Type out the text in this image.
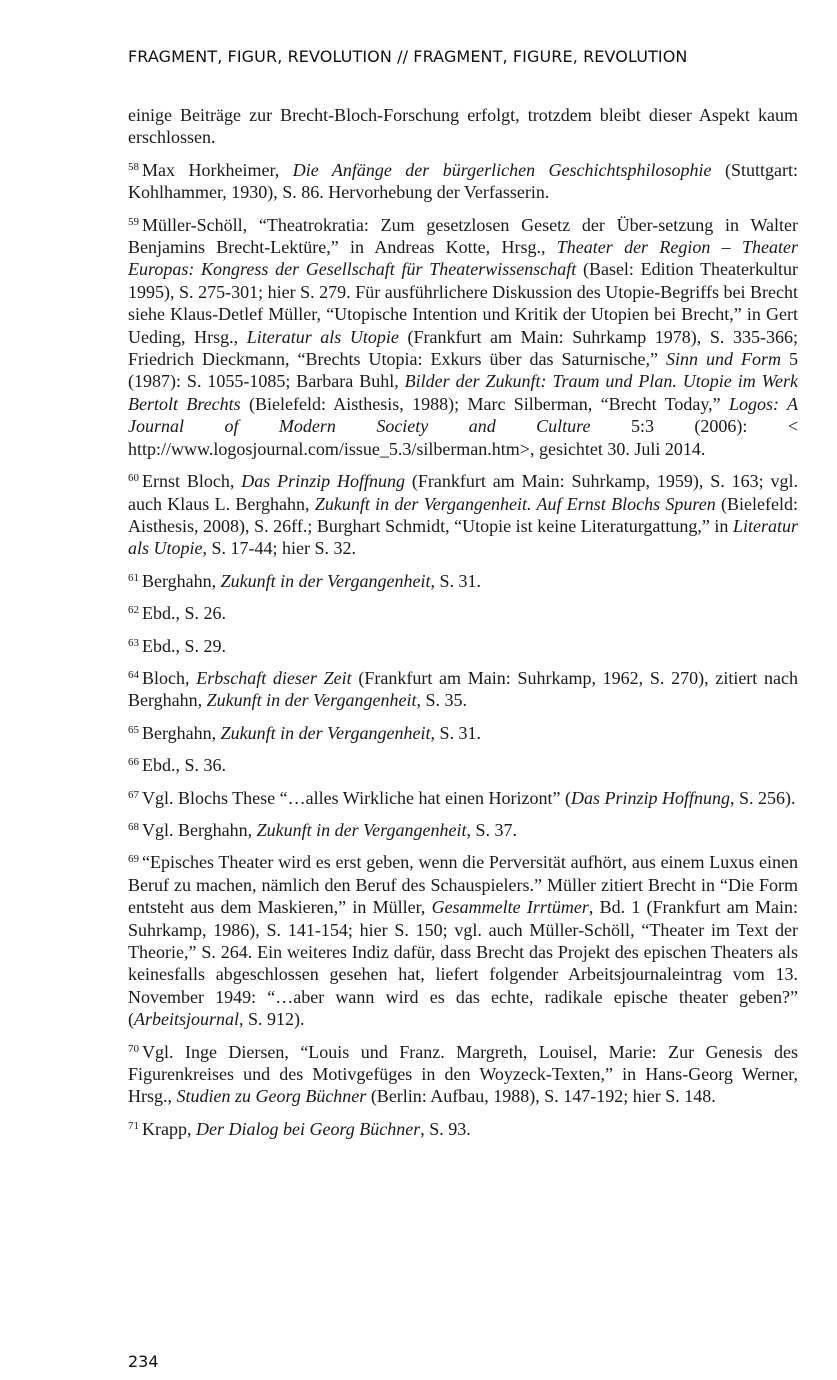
FRAGMENT, FIGUR, REVOLUTION // FRAGMENT, FIGURE, REVOLUTION

einige Beiträge zur Brecht-Bloch-Forschung erfolgt, trotzdem bleibt dieser Aspekt kaum erschlossen.

$^{58}$ Max Horkheimer, Die Anfänge der bürgerlichen Geschichtsphilosophie (Stuttgart: Kohlhammer, 1930), S. 86. Hervorhebung der Verfasserin.

$^{59}$ Müller-Schöll, “Theatrokratia: Zum gesetzlosen Gesetz der Über-setzung in Walter Benjamins Brecht-Lektüre,” in Andreas Kotte, Hrsg., Theater der Region – Theater Europas: Kongress der Gesellschaft für Theaterwissenschaft (Basel: Edition Theaterkultur 1995), S. 275-301; hier S. 279. Für ausführlichere Diskussion des Utopie-Begriffs bei Brecht siehe Klaus-Detlef Müller, “Utopische Intention und Kritik der Utopien bei Brecht,” in Gert Ueding, Hrsg., Literatur als Utopie (Frankfurt am Main: Suhrkamp 1978), S. 335-366; Friedrich Dieckmann, “Brechts Utopia: Exkurs über das Saturnische,” Sinn und Form 5 (1987): S. 1055-1085; Barbara Buhl, Bilder der Zukunft: Traum und Plan. Utopie im Werk Bertolt Brechts (Bielefeld: Aisthesis, 1988); Marc Silberman, “Brecht Today,” Logos: A Journal of Modern Society and Culture 5:3 (2006): < http://www.logosjournal.com/issue_5.3/silberman.htm>, gesichtet 30. Juli 2014.

$^{60}$ Ernst Bloch, Das Prinzip Hoffnung (Frankfurt am Main: Suhrkamp, 1959), S. 163; vgl. auch Klaus L. Berghahn, Zukunft in der Vergangenheit. Auf Ernst Blochs Spuren (Bielefeld: Aisthesis, 2008), S. 26ff.; Burghart Schmidt, “Utopie ist keine Literaturgattung,” in Literatur als Utopie, S. 17-44; hier S. 32.

$^{61}$ Berghahn, Zukunft in der Vergangenheit, S. 31.

$^{62}$ Ebd., S. 26.

$^{63}$ Ebd., S. 29.

$^{64}$ Bloch, Erbschaft dieser Zeit (Frankfurt am Main: Suhrkamp, 1962, S. 270), zitiert nach Berghahn, Zukunft in der Vergangenheit, S. 35.

$^{65}$ Berghahn, Zukunft in der Vergangenheit, S. 31.

$^{66}$ Ebd., S. 36.

$^{67}$ Vgl. Blochs These “…alles Wirkliche hat einen Horizont” (Das Prinzip Hoffnung, S. 256).

$^{68}$ Vgl. Berghahn, Zukunft in der Vergangenheit, S. 37.

$^{69}$ “Episches Theater wird es erst geben, wenn die Perversität aufhört, aus einem Luxus einen Beruf zu machen, nämlich den Beruf des Schauspielers.” Müller zitiert Brecht in “Die Form entsteht aus dem Maskieren,” in Müller, Gesammelte Irrtümer, Bd. 1 (Frankfurt am Main: Suhrkamp, 1986), S. 141-154; hier S. 150; vgl. auch Müller-Schöll, “Theater im Text der Theorie,” S. 264. Ein weiteres Indiz dafür, dass Brecht das Projekt des epischen Theaters als keinesfalls abgeschlossen gesehen hat, liefert folgender Arbeitsjournaleintrag vom 13. November 1949: “…aber wann wird es das echte, radikale epische theater geben?” (Arbeitsjournal, S. 912).

$^{70}$ Vgl. Inge Diersen, “Louis und Franz. Margreth, Louisel, Marie: Zur Genesis des Figurenkreises und des Motivgefüges in den Woyzeck-Texten,” in Hans-Georg Werner, Hrsg., Studien zu Georg Büchner (Berlin: Aufbau, 1988), S. 147-192; hier S. 148.

$^{71}$ Krapp, Der Dialog bei Georg Büchner, S. 93.

234
